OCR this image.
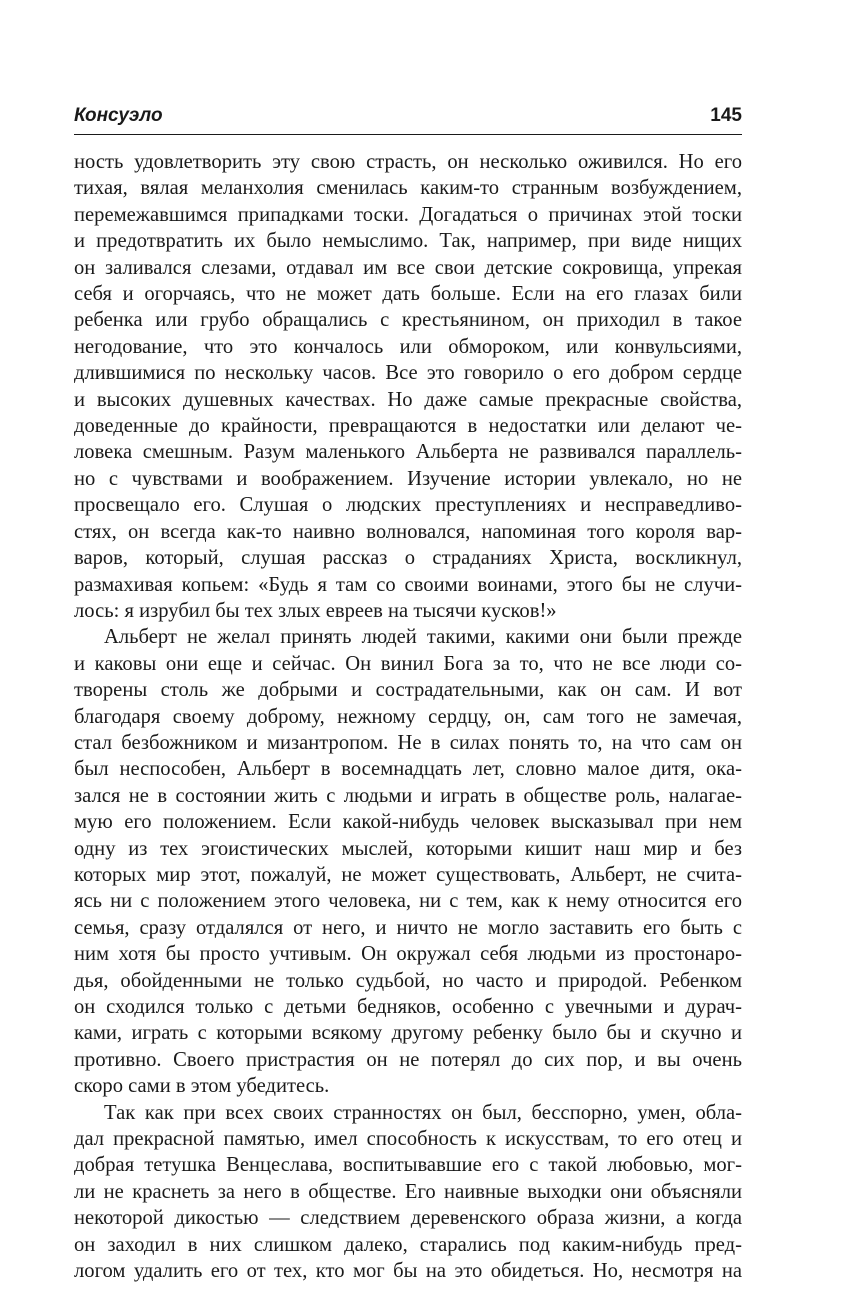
Консуэло	145
ность удовлетворить эту свою страсть, он несколько оживился. Но его
тихая, вялая меланхолия сменилась каким-то странным возбуждением,
перемежавшимся припадками тоски. Догадаться о причинах этой тоски
и предотвратить их было немыслимо. Так, например, при виде нищих
он заливался слезами, отдавал им все свои детские сокровища, упрекая
себя и огорчаясь, что не может дать больше. Если на его глазах били
ребенка или грубо обращались с крестьянином, он приходил в такое
негодование, что это кончалось или обмороком, или конвульсиями,
длившимися по нескольку часов. Все это говорило о его добром сердце
и высоких душевных качествах. Но даже самые прекрасные свойства,
доведенные до крайности, превращаются в недостатки или делают че-
ловека смешным. Разум маленького Альберта не развивался параллель-
но с чувствами и воображением. Изучение истории увлекало, но не
просвещало его. Слушая о людских преступлениях и несправедливо-
стях, он всегда как-то наивно волновался, напоминая того короля вар-
варов, который, слушая рассказ о страданиях Христа, воскликнул,
размахивая копьем: «Будь я там со своими воинами, этого бы не случи-
лось: я изрубил бы тех злых евреев на тысячи кусков!»
Альберт не желал принять людей такими, какими они были прежде
и каковы они еще и сейчас. Он винил Бога за то, что не все люди со-
творены столь же добрыми и сострадательными, как он сам. И вот
благодаря своему доброму, нежному сердцу, он, сам того не замечая,
стал безбожником и мизантропом. Не в силах понять то, на что сам он
был неспособен, Альберт в восемнадцать лет, словно малое дитя, ока-
зался не в состоянии жить с людьми и играть в обществе роль, налагае-
мую его положением. Если какой-нибудь человек высказывал при нем
одну из тех эгоистических мыслей, которыми кишит наш мир и без
которых мир этот, пожалуй, не может существовать, Альберт, не счита-
ясь ни с положением этого человека, ни с тем, как к нему относится его
семья, сразу отдалялся от него, и ничто не могло заставить его быть с
ним хотя бы просто учтивым. Он окружал себя людьми из простонаро-
дья, обойденными не только судьбой, но часто и природой. Ребенком
он сходился только с детьми бедняков, особенно с увечными и дурач-
ками, играть с которыми всякому другому ребенку было бы и скучно и
противно. Своего пристрастия он не потерял до сих пор, и вы очень
скоро сами в этом убедитесь.
Так как при всех своих странностях он был, бесспорно, умен, обла-
дал прекрасной памятью, имел способность к искусствам, то его отец и
добрая тетушка Венцеслава, воспитывавшие его с такой любовью, мог-
ли не краснеть за него в обществе. Его наивные выходки они объясняли
некоторой дикостью — следствием деревенского образа жизни, а когда
он заходил в них слишком далеко, старались под каким-нибудь пред-
логом удалить его от тех, кто мог бы на это обидеться. Но, несмотря на
